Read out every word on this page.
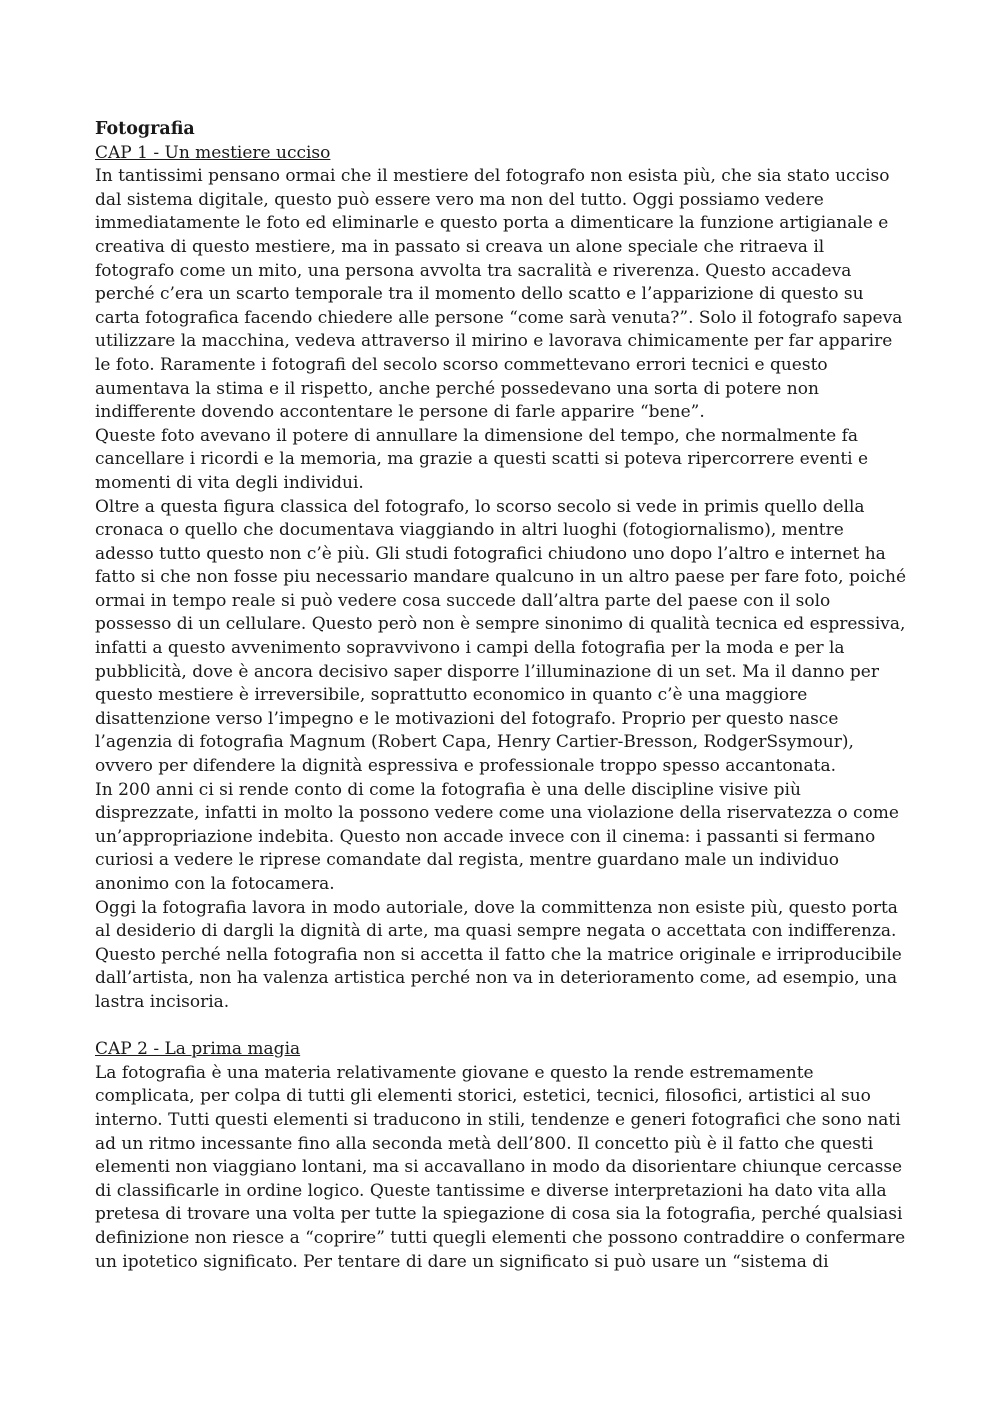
Fotografia

CAP 1 - Un mestiere ucciso

In tantissimi pensano ormai che il mestiere del fotografo non esista più, che sia stato ucciso dal sistema digitale, questo può essere vero ma non del tutto. Oggi possiamo vedere immediatamente le foto ed eliminarle e questo porta a dimenticare la funzione artigianale e creativa di questo mestiere, ma in passato si creava un alone speciale che ritraeva il fotografo come un mito, una persona avvolta tra sacralità e riverenza. Questo accadeva perché c’era un scarto temporale tra il momento dello scatto e l’apparizione di questo su carta fotografica facendo chiedere alle persone “come sarà venuta?”. Solo il fotografo sapeva utilizzare la macchina, vedeva attraverso il mirino e lavorava chimicamente per far apparire le foto. Raramente i fotografi del secolo scorso commettevano errori tecnici e questo aumentava la stima e il rispetto, anche perché possedevano una sorta di potere non indifferente dovendo accontentare le persone di farle apparire “bene”.

Queste foto avevano il potere di annullare la dimensione del tempo, che normalmente fa cancellare i ricordi e la memoria, ma grazie a questi scatti si poteva ripercorrere eventi e momenti di vita degli individui.

Oltre a questa figura classica del fotografo, lo scorso secolo si vede in primis quello della cronaca o quello che documentava viaggiando in altri luoghi (fotogiornalismo), mentre adesso tutto questo non c’è più. Gli studi fotografici chiudono uno dopo l’altro e internet ha fatto si che non fosse piu necessario mandare qualcuno in un altro paese per fare foto, poiché ormai in tempo reale si può vedere cosa succede dall’altra parte del paese con il solo possesso di un cellulare. Questo però non è sempre sinonimo di qualità tecnica ed espressiva, infatti a questo avvenimento sopravvivono i campi della fotografia per la moda e per la pubblicità, dove è ancora decisivo saper disporre l’illuminazione di un set. Ma il danno per questo mestiere è irreversibile, soprattutto economico in quanto c’è una maggiore disattenzione verso l’impegno e le motivazioni del fotografo. Proprio per questo nasce l’agenzia di fotografia Magnum (Robert Capa, Henry Cartier-Bresson, RodgerSsymour), ovvero per difendere la dignità espressiva e professionale troppo spesso accantonata.

In 200 anni ci si rende conto di come la fotografia è una delle discipline visive più disprezzate, infatti in molto la possono vedere come una violazione della riservatezza o come un’appropriazione indebita. Questo non accade invece con il cinema: i passanti si fermano curiosi a vedere le riprese comandate dal regista, mentre guardano male un individuo anonimo con la fotocamera.

Oggi la fotografia lavora in modo autoriale, dove la committenza non esiste più, questo porta al desiderio di dargli la dignità di arte, ma quasi sempre negata o accettata con indifferenza. Questo perché nella fotografia non si accetta il fatto che la matrice originale e irriproducibile dall’artista, non ha valenza artistica perché non va in deterioramento come, ad esempio, una lastra incisoria.

CAP 2 - La prima magia

La fotografia è una materia relativamente giovane e questo la rende estremamente complicata, per colpa di tutti gli elementi storici, estetici, tecnici, filosofici, artistici al suo interno. Tutti questi elementi si traducono in stili, tendenze e generi fotografici che sono nati ad un ritmo incessante fino alla seconda metà dell’800. Il concetto più è il fatto che questi elementi non viaggiano lontani, ma si accavallano in modo da disorientare chiunque cercasse di classificarle in ordine logico. Queste tantissime e diverse interpretazioni ha dato vita alla pretesa di trovare una volta per tutte la spiegazione di cosa sia la fotografia, perché qualsiasi definizione non riesce a “coprire” tutti quegli elementi che possono contraddire o confermare un ipotetico significato. Per tentare di dare un significato si può usare un “sistema di
